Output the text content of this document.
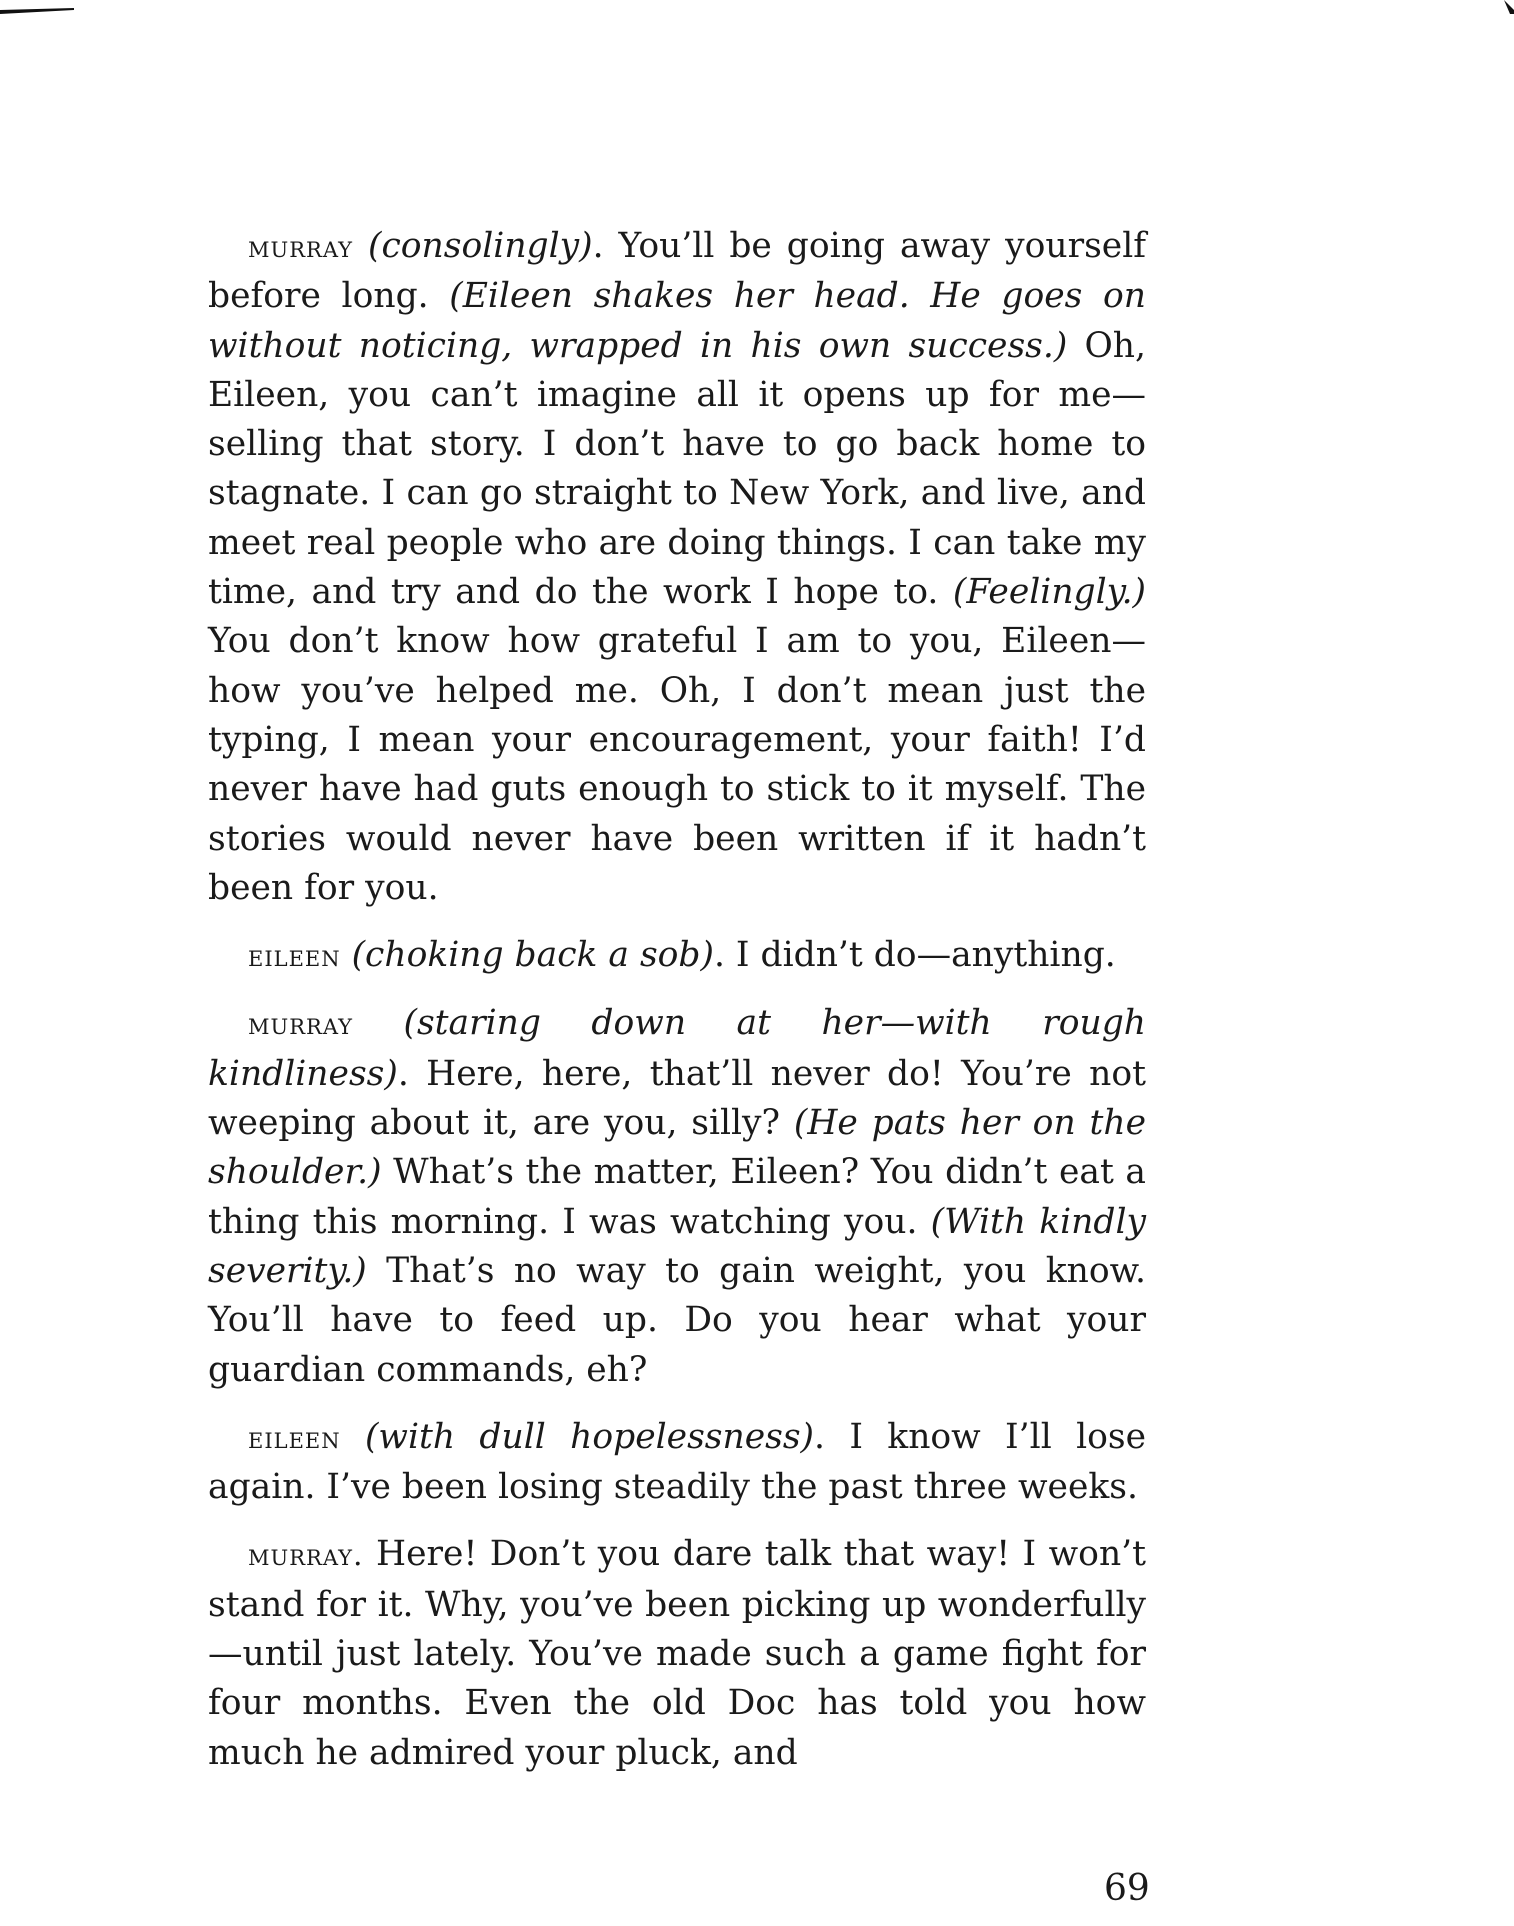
murray (consolingly). You’ll be going away yourself before long. (Eileen shakes her head. He goes on without noticing, wrapped in his own success.) Oh, Eileen, you can’t imagine all it opens up for me—selling that story. I don’t have to go back home to stagnate. I can go straight to New York, and live, and meet real people who are doing things. I can take my time, and try and do the work I hope to. (Feelingly.) You don’t know how grateful I am to you, Eileen—how you’ve helped me. Oh, I don’t mean just the typing, I mean your encouragement, your faith! I’d never have had guts enough to stick to it myself. The stories would never have been written if it hadn’t been for you.

eileen (choking back a sob). I didn’t do—anything.

murray (staring down at her—with rough kindliness). Here, here, that’ll never do! You’re not weeping about it, are you, silly? (He pats her on the shoulder.) What’s the matter, Eileen? You didn’t eat a thing this morning. I was watching you. (With kindly severity.) That’s no way to gain weight, you know. You’ll have to feed up. Do you hear what your guardian commands, eh?

eileen (with dull hopelessness). I know I’ll lose again. I’ve been losing steadily the past three weeks.

murray. Here! Don’t you dare talk that way! I won’t stand for it. Why, you’ve been picking up wonderfully—until just lately. You’ve made such a game fight for four months. Even the old Doc has told you how much he admired your pluck, and

69
